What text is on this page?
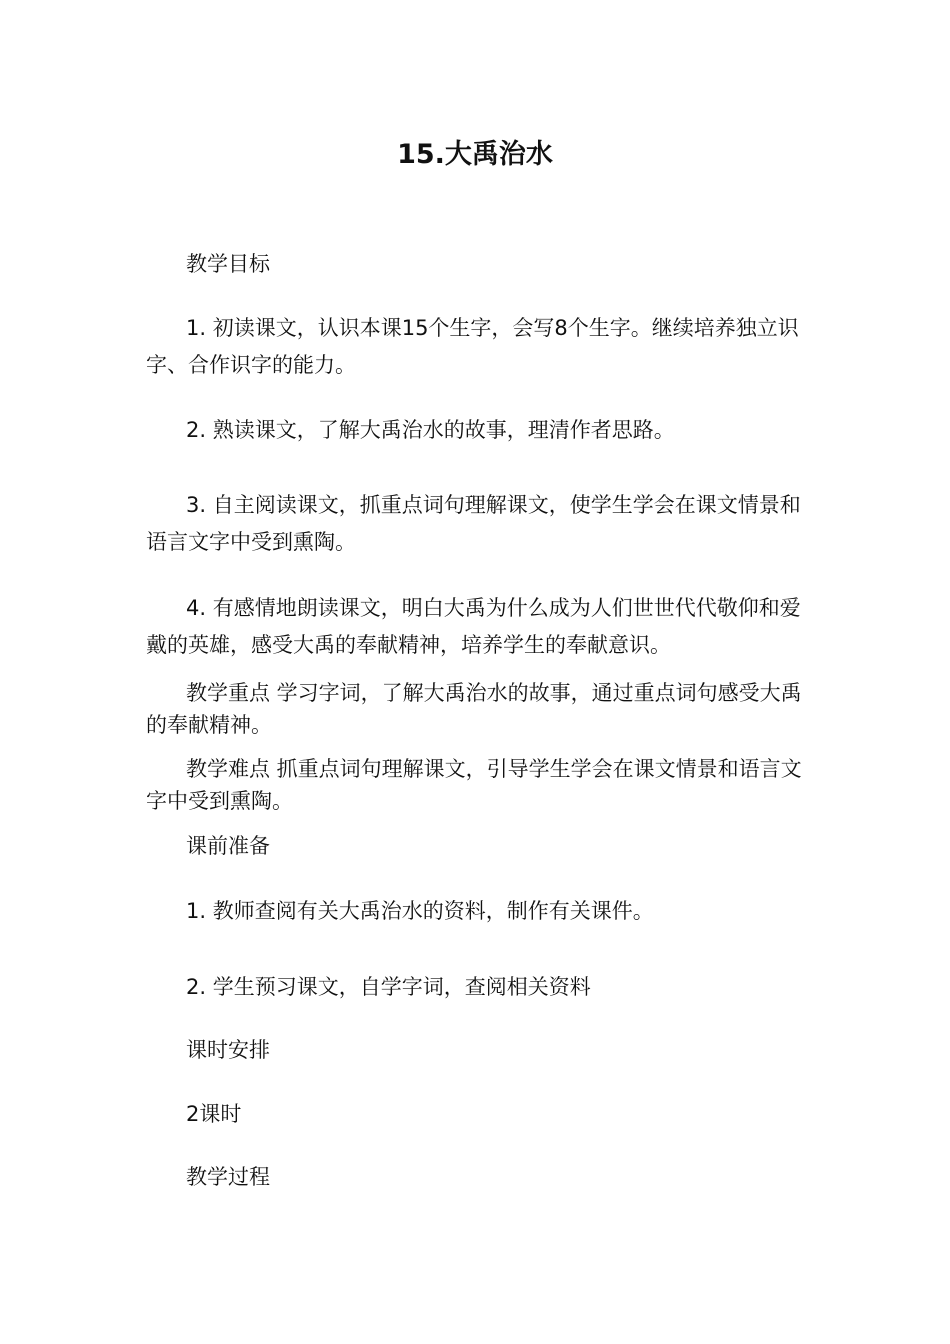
15.大禹治水
教学目标
1. 初读课文，认识本课15个生字，会写8个生字。继续培养独立识字、合作识字的能力。
2. 熟读课文，了解大禹治水的故事，理清作者思路。
3. 自主阅读课文，抓重点词句理解课文，使学生学会在课文情景和语言文字中受到熏陶。
4. 有感情地朗读课文，明白大禹为什么成为人们世世代代敬仰和爱戴的英雄，感受大禹的奉献精神，培养学生的奉献意识。
教学重点 学习字词，了解大禹治水的故事，通过重点词句感受大禹的奉献精神。
教学难点 抓重点词句理解课文，引导学生学会在课文情景和语言文字中受到熏陶。
课前准备
1. 教师查阅有关大禹治水的资料，制作有关课件。
2. 学生预习课文，自学字词，查阅相关资料
课时安排
2课时
教学过程
